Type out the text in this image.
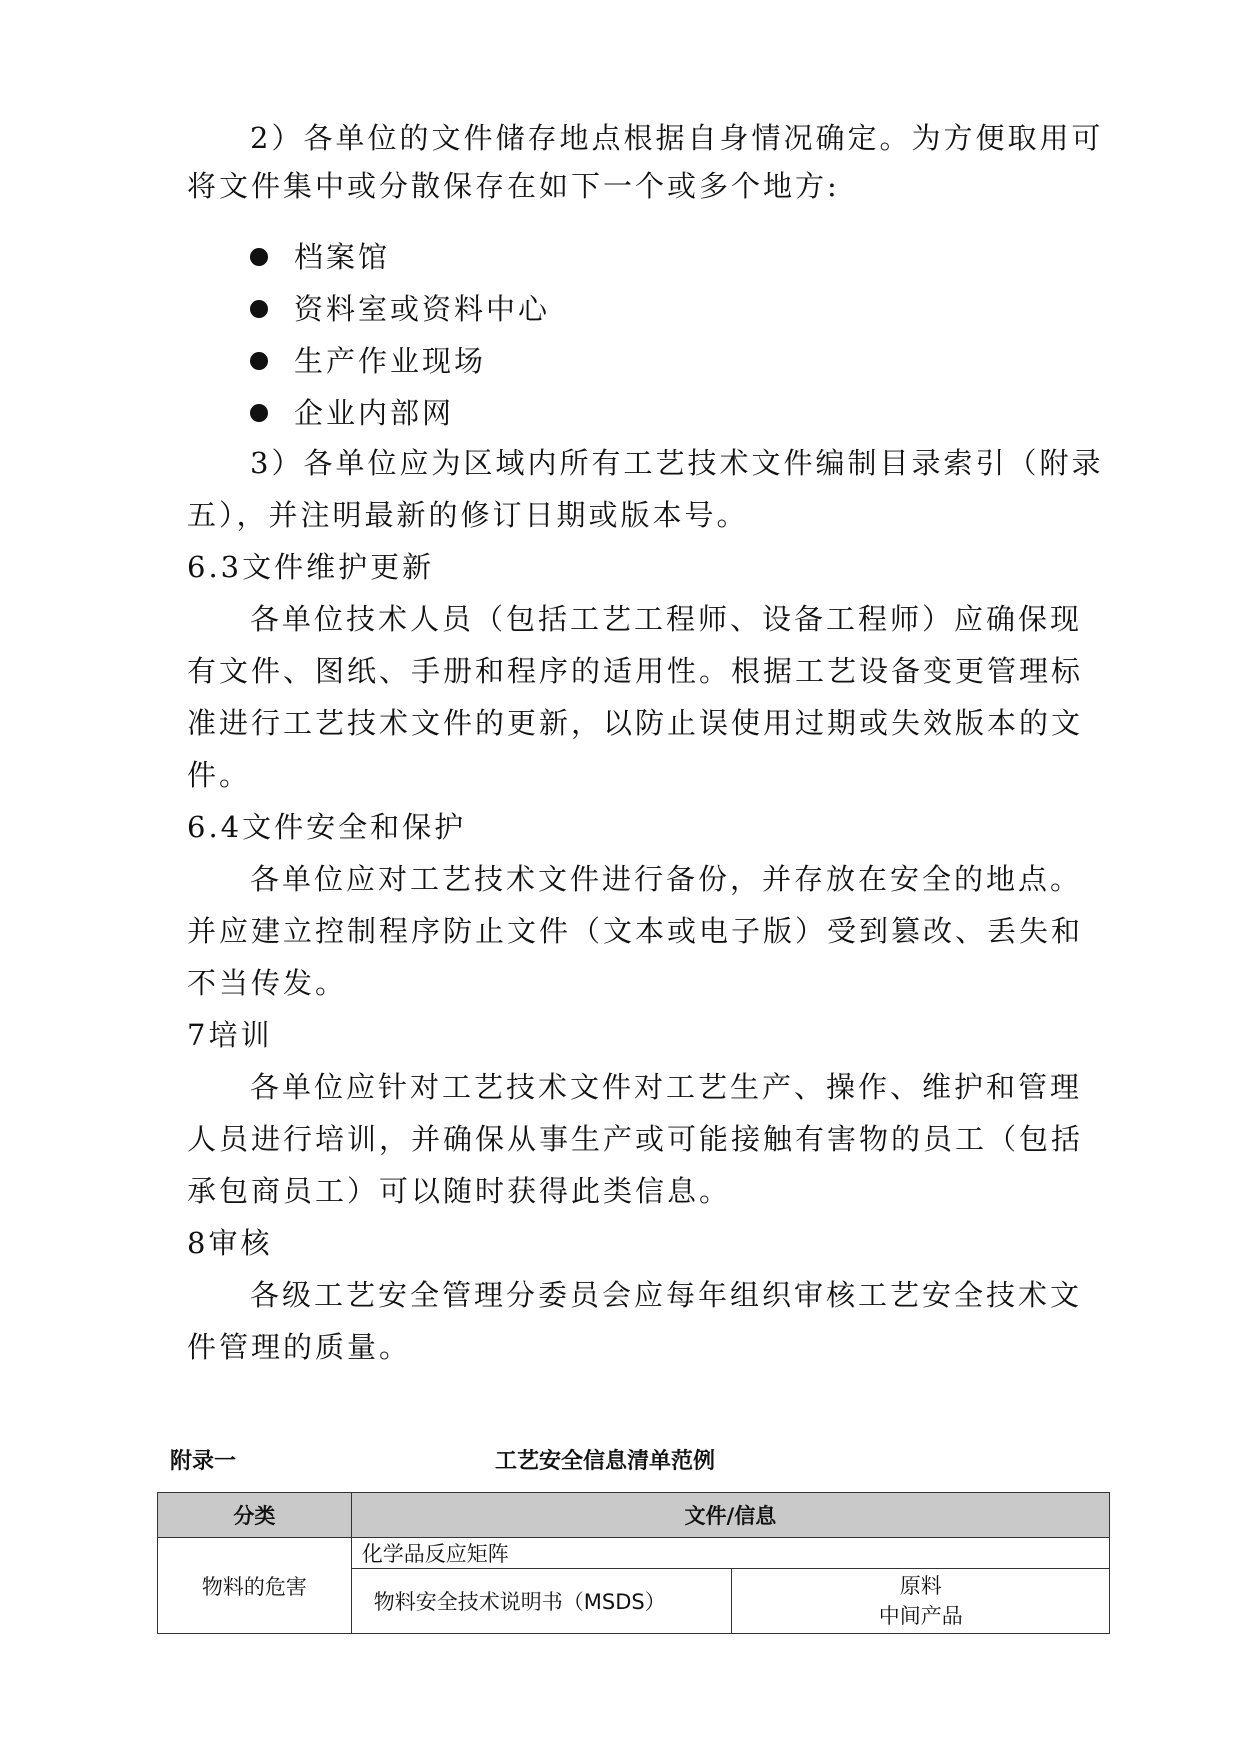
2）各单位的文件储存地点根据自身情况确定。为方便取用可
将文件集中或分散保存在如下一个或多个地方:
档案馆
资料室或资料中心
生产作业现场
企业内部网
3）各单位应为区域内所有工艺技术文件编制目录索引（附录
五），并注明最新的修订日期或版本号。
6.3文件维护更新
各单位技术人员（包括工艺工程师、设备工程师）应确保现
有文件、图纸、手册和程序的适用性。根据工艺设备变更管理标
准进行工艺技术文件的更新，以防止误使用过期或失效版本的文
件。
6.4文件安全和保护
各单位应对工艺技术文件进行备份，并存放在安全的地点。
并应建立控制程序防止文件（文本或电子版）受到篡改、丢失和
不当传发。
7培训
各单位应针对工艺技术文件对工艺生产、操作、维护和管理
人员进行培训，并确保从事生产或可能接触有害物的员工（包括
承包商员工）可以随时获得此类信息。
8审核
各级工艺安全管理分委员会应每年组织审核工艺安全技术文
件管理的质量。
附录一	工艺安全信息清单范例
分类	文件/信息	
物料的危害	化学品反应矩阵	
	物料安全技术说明书（MSDS）	原料
中间产品
